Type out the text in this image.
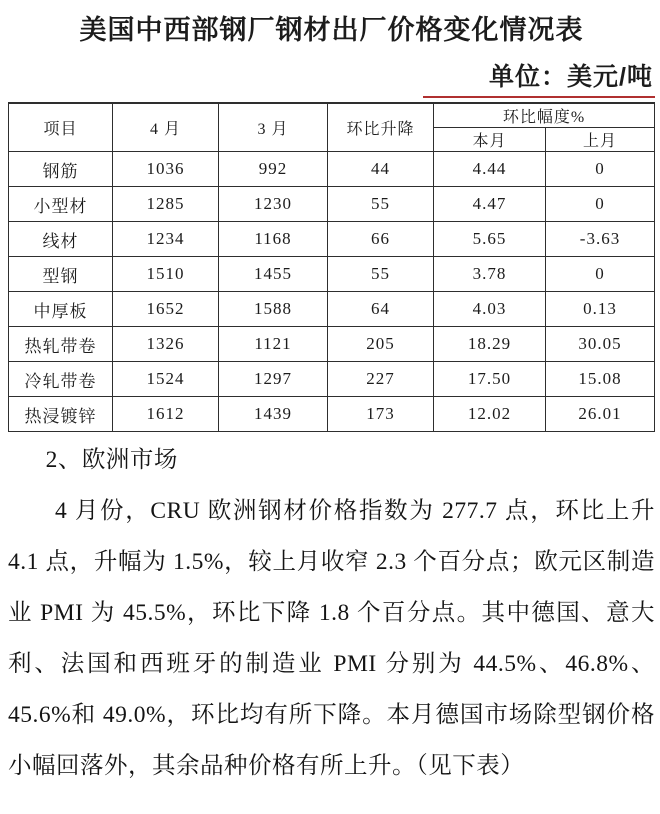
美国中西部钢厂钢材出厂价格变化情况表
单位：美元/吨
项目	4 月	3 月	环比升降	环比幅度%	
				本月	上月
钢筋	1036	992	44	4.44	0
小型材	1285	1230	55	4.47	0
线材	1234	1168	66	5.65	-3.63
型钢	1510	1455	55	3.78	0
中厚板	1652	1588	64	4.03	0.13
热轧带卷	1326	1121	205	18.29	30.05
冷轧带卷	1524	1297	227	17.50	15.08
热浸镀锌	1612	1439	173	12.02	26.01
2、欧洲市场

4 月份，CRU 欧洲钢材价格指数为 277.7 点，环比上升 4.1 点，升幅为 1.5%，较上月收窄 2.3 个百分点；欧元区制造业 PMI 为 45.5%，环比下降 1.8 个百分点。其中德国、意大利、法国和西班牙的制造业 PMI 分别为 44.5%、46.8%、45.6%和 49.0%，环比均有所下降。本月德国市场除型钢价格小幅回落外，其余品种价格有所上升。（见下表）
